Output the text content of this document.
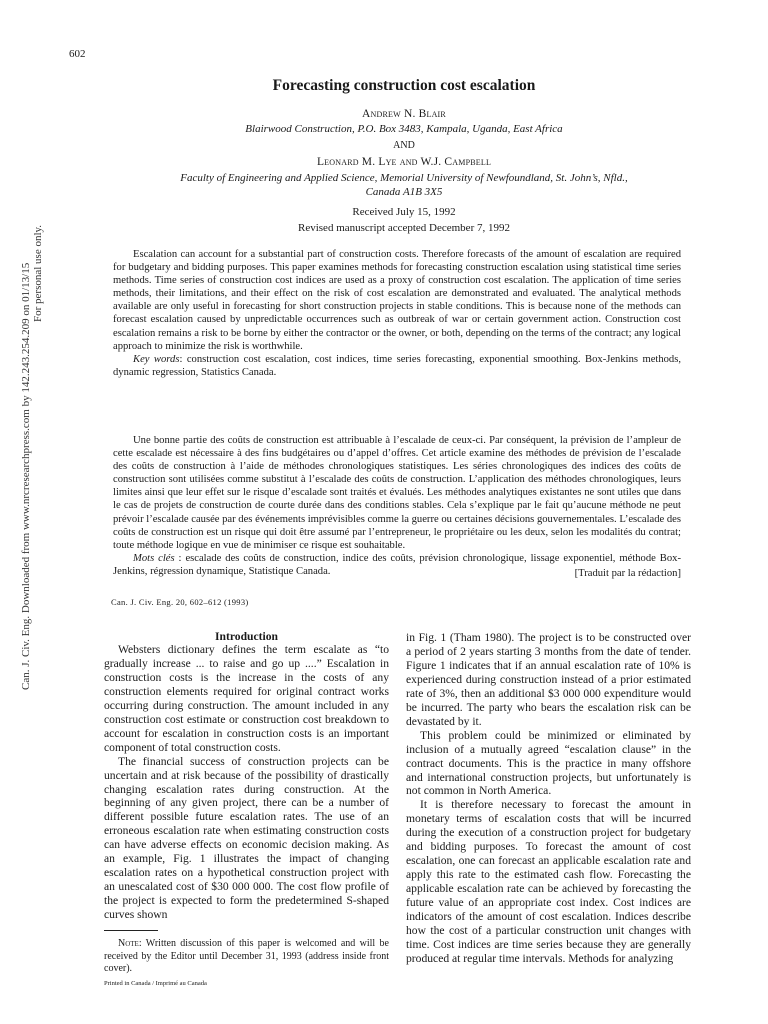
Can. J. Civ. Eng. Downloaded from www.nrcresearchpress.com by 142.243.254.209 on 01/13/15 For personal use only.
602
Forecasting construction cost escalation
Andrew N. Blair
Blairwood Construction, P.O. Box 3483, Kampala, Uganda, East Africa
AND
Leonard M. Lye and W.J. Campbell
Faculty of Engineering and Applied Science, Memorial University of Newfoundland, St. John’s, Nfld.,
Canada A1B 3X5
Received July 15, 1992
Revised manuscript accepted December 7, 1992

Escalation can account for a substantial part of construction costs. Therefore forecasts of the amount of escalation are required for budgetary and bidding purposes. This paper examines methods for forecasting construction escalation using statistical time series methods. Time series of construction cost indices are used as a proxy of construction cost escalation. The application of time series methods, their limitations, and their effect on the risk of cost escalation are demonstrated and evaluated. The analytical methods available are only useful in forecasting for short construction projects in stable conditions. This is because none of the methods can forecast escalation caused by unpredictable occurrences such as outbreak of war or certain government action. Construction cost escalation remains a risk to be borne by either the contractor or the owner, or both, depending on the terms of the contract; any logical approach to minimize the risk is worthwhile.

Key words: construction cost escalation, cost indices, time series forecasting, exponential smoothing. Box-Jenkins methods, dynamic regression, Statistics Canada.

Une bonne partie des coûts de construction est attribuable à l’escalade de ceux-ci. Par conséquent, la prévision de l’ampleur de cette escalade est nécessaire à des fins budgétaires ou d’appel d’offres. Cet article examine des méthodes de prévision de l’escalade des coûts de construction à l’aide de méthodes chronologiques statistiques. Les séries chronologiques des indices des coûts de construction sont utilisées comme substitut à l’escalade des coûts de construction. L’application des méthodes chronologiques, leurs limites ainsi que leur effet sur le risque d’escalade sont traités et évalués. Les méthodes analytiques existantes ne sont utiles que dans le cas de projets de construction de courte durée dans des conditions stables. Cela s’explique par le fait qu’aucune méthode ne peut prévoir l’escalade causée par des événements imprévisibles comme la guerre ou certaines décisions gouvernementales. L’escalade des coûts de construction est un risque qui doit être assumé par l’entrepreneur, le propriétaire ou les deux, selon les modalités du contrat; toute méthode logique en vue de minimiser ce risque est souhaitable.

Mots clés : escalade des coûts de construction, indice des coûts, prévision chronologique, lissage exponentiel, méthode Box-Jenkins, régression dynamique, Statistique Canada.	[Traduit par la rédaction]
Can. J. Civ. Eng. 20, 602–612 (1993)
Introduction

Websters dictionary defines the term escalate as “to gradually increase ... to raise and go up ....” Escalation in construction costs is the increase in the costs of any construction elements required for original contract works occurring during construction. The amount included in any construction cost estimate or construction cost breakdown to account for escalation in construction costs is an important component of total construction costs.

The financial success of construction projects can be uncertain and at risk because of the possibility of drastically changing escalation rates during construction. At the beginning of any given project, there can be a number of different possible future escalation rates. The use of an erroneous escalation rate when estimating construction costs can have adverse effects on economic decision making. As an example, Fig. 1 illustrates the impact of changing escalation rates on a hypothetical construction project with an unescalated cost of $30 000 000. The cost flow profile of the project is expected to form the predetermined S-shaped curves shown

in Fig. 1 (Tham 1980). The project is to be constructed over a period of 2 years starting 3 months from the date of tender. Figure 1 indicates that if an annual escalation rate of 10% is experienced during construction instead of a prior estimated rate of 3%, then an additional $3 000 000 expenditure would be incurred. The party who bears the escalation risk can be devastated by it.

This problem could be minimized or eliminated by inclusion of a mutually agreed “escalation clause” in the contract documents. This is the practice in many offshore and international construction projects, but unfortunately is not common in North America.

It is therefore necessary to forecast the amount in monetary terms of escalation costs that will be incurred during the execution of a construction project for budgetary and bidding purposes. To forecast the amount of cost escalation, one can forecast an applicable escalation rate and apply this rate to the estimated cash flow. Forecasting the applicable escalation rate can be achieved by forecasting the future value of an appropriate cost index. Cost indices are indicators of the amount of cost escalation. Indices describe how the cost of a particular construction unit changes with time. Cost indices are time series because they are generally produced at regular time intervals. Methods for analyzing

Note: Written discussion of this paper is welcomed and will be received by the Editor until December 31, 1993 (address inside front cover).

Printed in Canada / Imprimé au Canada
